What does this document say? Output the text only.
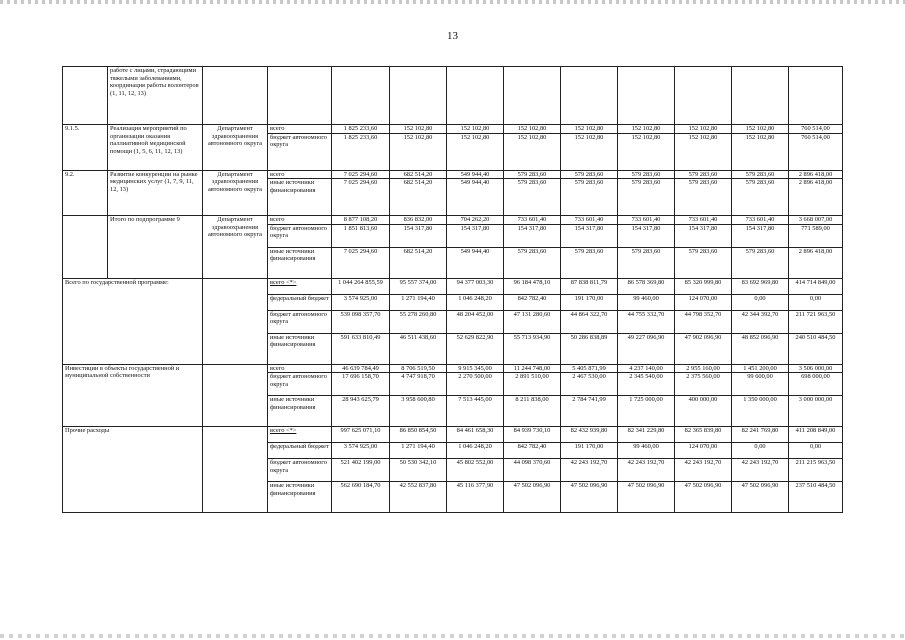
13
	работе с лицами, страдающими тяжелыми заболеваниями, координация работы волонтеров (1, 11, 12, 13)											
9.1.5.	Реализация мероприятий по организации оказания паллиативной медицинской помощи (1, 5, 6, 11, 12, 13)	Департамент здравоохранения автономного округа	всего	1 825 233,60	152 102,80	152 102,80	152 102,80	152 102,80	152 102,80	152 102,80	152 102,80	760 514,00
			бюджет автономного округа	1 825 233,60	152 102,80	152 102,80	152 102,80	152 102,80	152 102,80	152 102,80	152 102,80	760 514,00
9.2.	Развитие конкуренции на рынке медицинских услуг (1, 7, 9, 11, 12, 13)	Департамент здравоохранения автономного округа	всего	7 025 294,60	682 514,20	549 944,40	579 283,60	579 283,60	579 283,60	579 283,60	579 283,60	2 896 418,00
			иные источники финансирования	7 025 294,60	682 514,20	549 944,40	579 283,60	579 283,60	579 283,60	579 283,60	579 283,60	2 896 418,00
	Итого по подпрограмме 9	Департамент здравоохранения автономного округа	всего	8 877 108,20	836 832,00	704 262,20	733 601,40	733 601,40	733 601,40	733 601,40	733 601,40	3 668 007,00
			бюджет автономного округа	1 851 813,60	154 317,80	154 317,80	154 317,80	154 317,80	154 317,80	154 317,80	154 317,80	771 589,00
			иные источники финансирования	7 025 294,60	682 514,20	549 944,40	579 283,60	579 283,60	579 283,60	579 283,60	579 283,60	2 896 418,00
Всего по государственной программе:			всего <*>	1 044 264 855,59	95 557 374,00	94 377 003,30	96 184 478,10	87 838 811,79	86 578 369,80	85 320 999,80	83 692 969,80	414 714 849,00
			федеральный бюджет	3 574 925,00	1 271 194,40	1 046 248,20	842 782,40	191 170,00	99 460,00	124 070,00	0,00	0,00
			бюджет автономного округа	539 098 357,70	55 278 260,80	48 204 452,00	47 131 280,60	44 864 322,70	44 755 332,70	44 798 352,70	42 344 392,70	211 721 963,50
			иные источники финансирования	591 633 810,49	46 511 438,60	52 629 822,90	55 713 934,90	50 286 838,89	49 227 096,90	47 902 096,90	48 852 096,90	240 510 484,50
Инвестиции в объекты государственной и муниципальной собственности			всего	46 639 784,49	8 706 519,50	9 915 345,00	11 244 748,00	5 405 871,99	4 237 140,00	2 955 160,00	1 451 200,00	3 506 000,00
			бюджет автономного округа	17 696 158,70	4 747 918,70	2 270 500,00	2 891 510,00	2 467 530,00	2 345 540,00	2 375 560,00	99 600,00	698 000,00
			иные источники финансирования	28 943 625,79	3 958 600,80	7 513 445,00	8 211 838,00	2 784 741,99	1 725 000,00	400 000,00	1 350 000,00	3 000 000,00
Прочие расходы			всего <*>	997 625 071,10	86 850 854,50	84 461 658,30	84 939 730,10	82 432 939,80	82 341 229,80	82 365 839,80	82 241 769,80	411 208 849,00
			федеральный бюджет	3 574 925,00	1 271 194,40	1 046 248,20	842 782,40	191 170,00	99 460,00	124 070,00	0,00	0,00
			бюджет автономного округа	521 402 199,00	50 530 342,10	45 802 552,00	44 098 370,60	42 243 192,70	42 243 192,70	42 243 192,70	42 243 192,70	211 215 963,50
			иные источники финансирования	562 690 184,70	42 552 837,80	45 116 377,90	47 502 096,90	47 502 096,90	47 502 096,90	47 502 096,90	47 502 096,90	237 510 484,50
